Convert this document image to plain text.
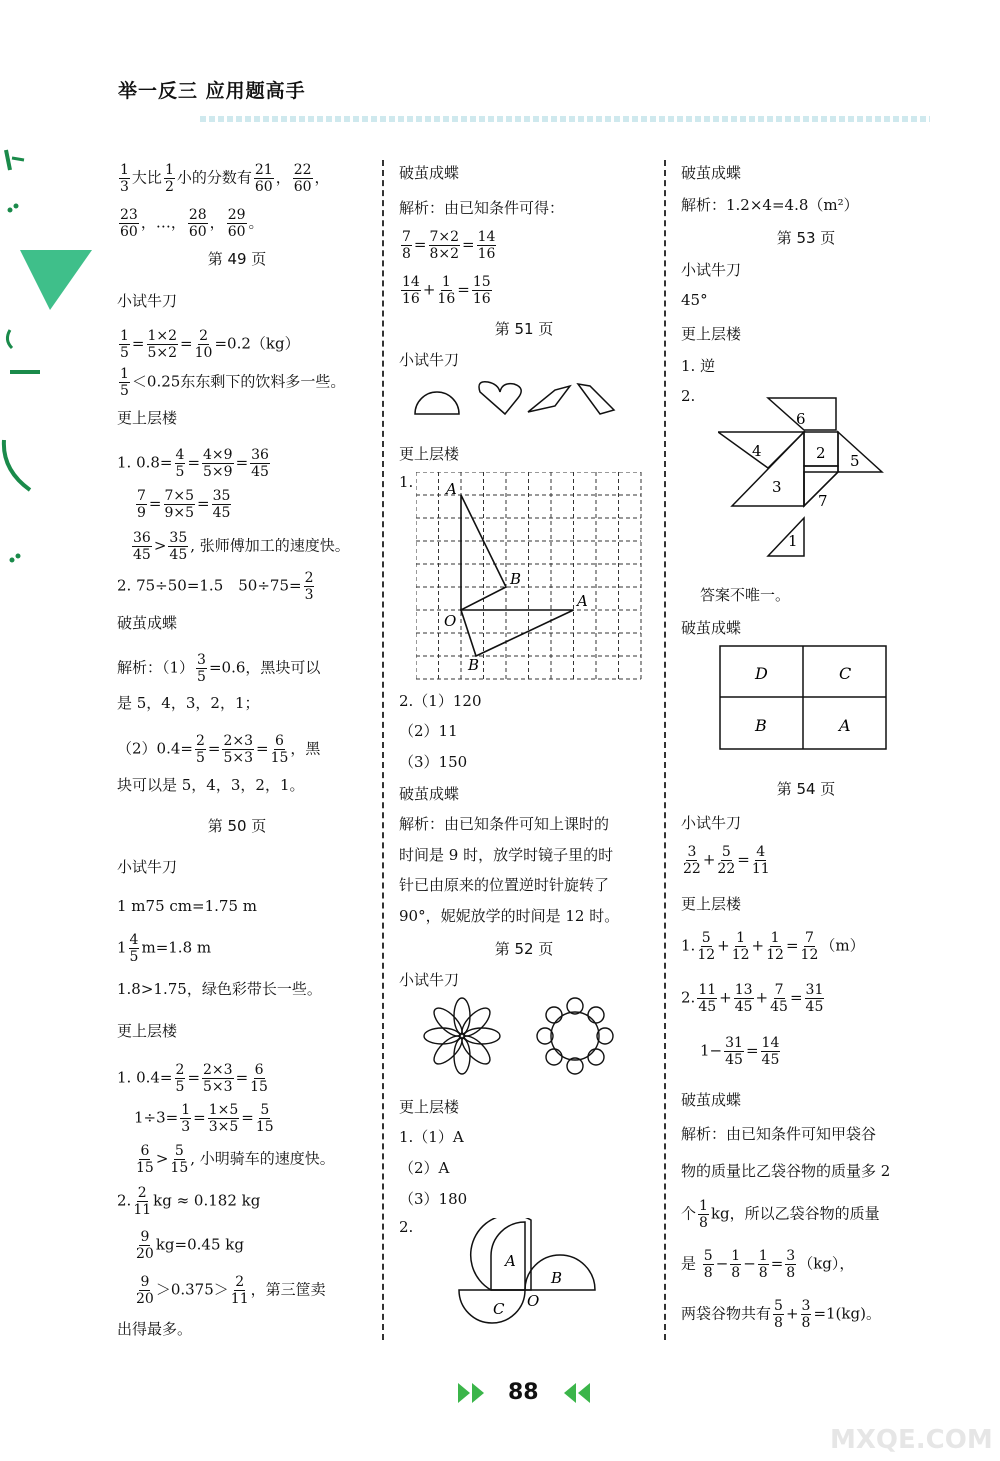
举一反三 应用题高手
$\frac{1}{3}$ 大比 $\frac{1}{2}$ 小的分数有 $\frac{21}{60}$ ， $\frac{22}{60}$ ，
$\frac{23}{60}$ ，…， $\frac{28}{60}$ ， $\frac{29}{60}$ 。
第 49 页
小试牛刀
$\frac{1}{5} = \frac{1\times 2}{5\times 2} = \frac{2}{10} =0.2(kg)$
$\frac{1}{5} <0.25$东东剩下的饮料多一些。
更上层楼
1. $0.8= \frac{4}{5} = \frac{4\times 9}{5\times 9} = \frac{36}{45}$
$\frac{7}{9} = \frac{7\times 5}{9\times 5} = \frac{35}{45}$
$\frac{36}{45} > \frac{35}{45}$ , 张师傅加工的速度快。
2. 75÷50=1.5　$50\div 75= \frac{2}{3}$
破茧成蝶
解析：$(1) \frac{3}{5} =0.6$，黑块可以
是 5，4，3，2，1；
$(2)0.4= \frac{2}{5} = \frac{2\times 3}{5\times 3} = \frac{6}{15}$ ，黑
块可以是 5，4，3，2，1。
第 50 页
小试牛刀
1 m75 cm=1.75 m
$1 \frac{4}{5} m=1.8$ m
1.8>1.75，绿色彩带长一些。
更上层楼
1. $0.4= \frac{2}{5} = \frac{2\times 3}{5\times 3} = \frac{6}{15}$
$1\div 3= \frac{1}{3} = \frac{1\times 5}{3\times 5} = \frac{5}{15}$
$\frac{6}{15} > \frac{5}{15}$ , 小明骑车的速度快。
2. $\frac{2}{11}$ kg ≈ 0.182 kg
$\frac{9}{20} kg=0.45$ kg
$\frac{9}{20} >0.375> \frac{2}{11}$ ，第三筐卖
出得最多。
破茧成蝶
解析：由已知条件可得：
$\frac{7}{8} = \frac{7\times 2}{8\times 2} = \frac{14}{16}$
$\frac{14}{16} + \frac{1}{16} = \frac{15}{16}$
第 51 页
小试牛刀
更上层楼
1. A
B
A
B
O
2.（1）120
（2）11
（3）150
破茧成蝶
解析：由已知条件可知上课时的
时间是 9 时，放学时镜子里的时
针已由原来的位置逆时针旋转了
90°，妮妮放学的时间是 12 时。
第 52 页
小试牛刀
更上层楼
1.（1）A
（2）A
（3）180
2.
A
B
C O
破茧成蝶
解析：1.2×4=4.8（m²）
第 53 页
小试牛刀
45°
更上层楼
1. 逆
2.
6
4	2 5
3
7
1
答案不唯一。
破茧成蝶
D	C
B	A
第 54 页
小试牛刀
$\frac{3}{22} + \frac{5}{22} = \frac{4}{11}$
更上层楼
1. $\frac{5}{12} + \frac{1}{12} + \frac{1}{12} = \frac{7}{12} (m)$
2. $\frac{11}{45} + \frac{13}{45} + \frac{7}{45} = \frac{31}{45}$
$1- \frac{31}{45} = \frac{14}{45}$
破茧成蝶
解析：由已知条件可知甲袋谷
物的质量比乙袋谷物的质量多 2
个 $\frac{1}{8}$ kg，所以乙袋谷物的质量
是 $\frac{5}{8} - \frac{1}{8} - \frac{1}{8} = \frac{3}{8} (kg)$，
两袋谷物共有 $\frac{5}{8} + \frac{3}{8} =1(kg)$。
88
MXQE.COM
